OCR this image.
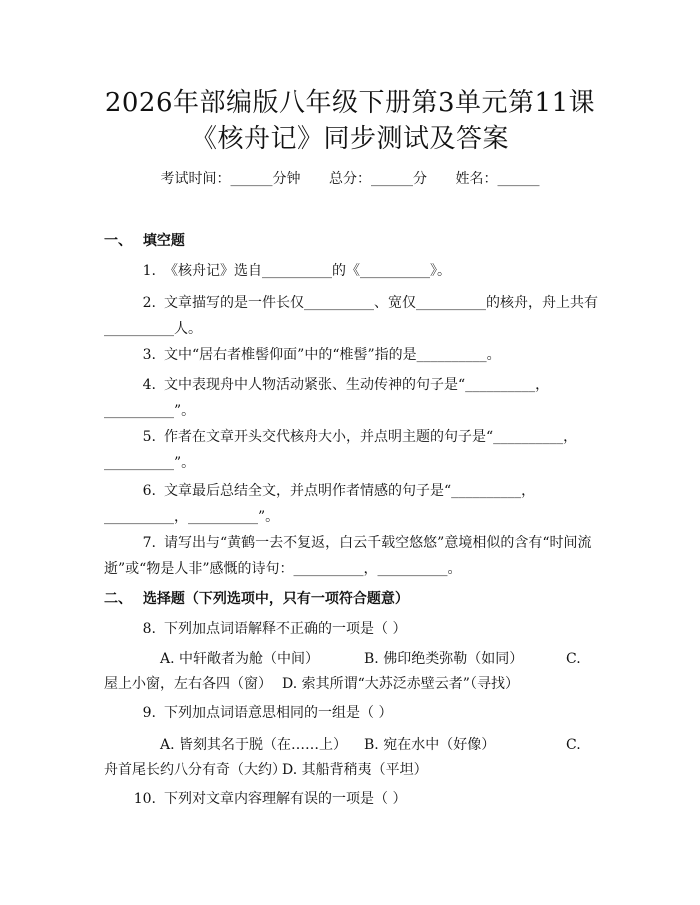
2026年部编版八年级下册第3单元第11课
《核舟记》同步测试及答案
考试时间：______分钟 总分：______分 姓名：______
一、 填空题
1. 《核舟记》选自__________的《__________》。
2. 文章描写的是一件长仅__________、宽仅__________的核舟，舟上共有
__________人。
3. 文中“居右者椎髻仰面”中的“椎髻”指的是__________。
4. 文中表现舟中人物活动紧张、生动传神的句子是“__________，
__________”。
5. 作者在文章开头交代核舟大小，并点明主题的句子是“__________，
__________”。
6. 文章最后总结全文，并点明作者情感的句子是“__________，
__________，__________”。
7. 请写出与“黄鹤一去不复返，白云千载空悠悠”意境相似的含有“时间流
逝”或“物是人非”感慨的诗句：__________，__________。
二、 选择题（下列选项中，只有一项符合题意）
8. 下列加点词语解释不正确的一项是（ ）
A. 中轩敞者为舱（中间）	B. 佛印绝类弥勒（如同）	C.
屋上小窗，左右各四（窗） D. 索其所谓“大苏泛赤壁云者”（寻找）
9. 下列加点词语意思相同的一组是（ ）
A. 皆刻其名于脱（在……上） B. 宛在水中（好像）	C.
舟首尾长约八分有奇（大约）
D. 其船背稍夷（平坦）
10. 下列对文章内容理解有误的一项是（ ）
